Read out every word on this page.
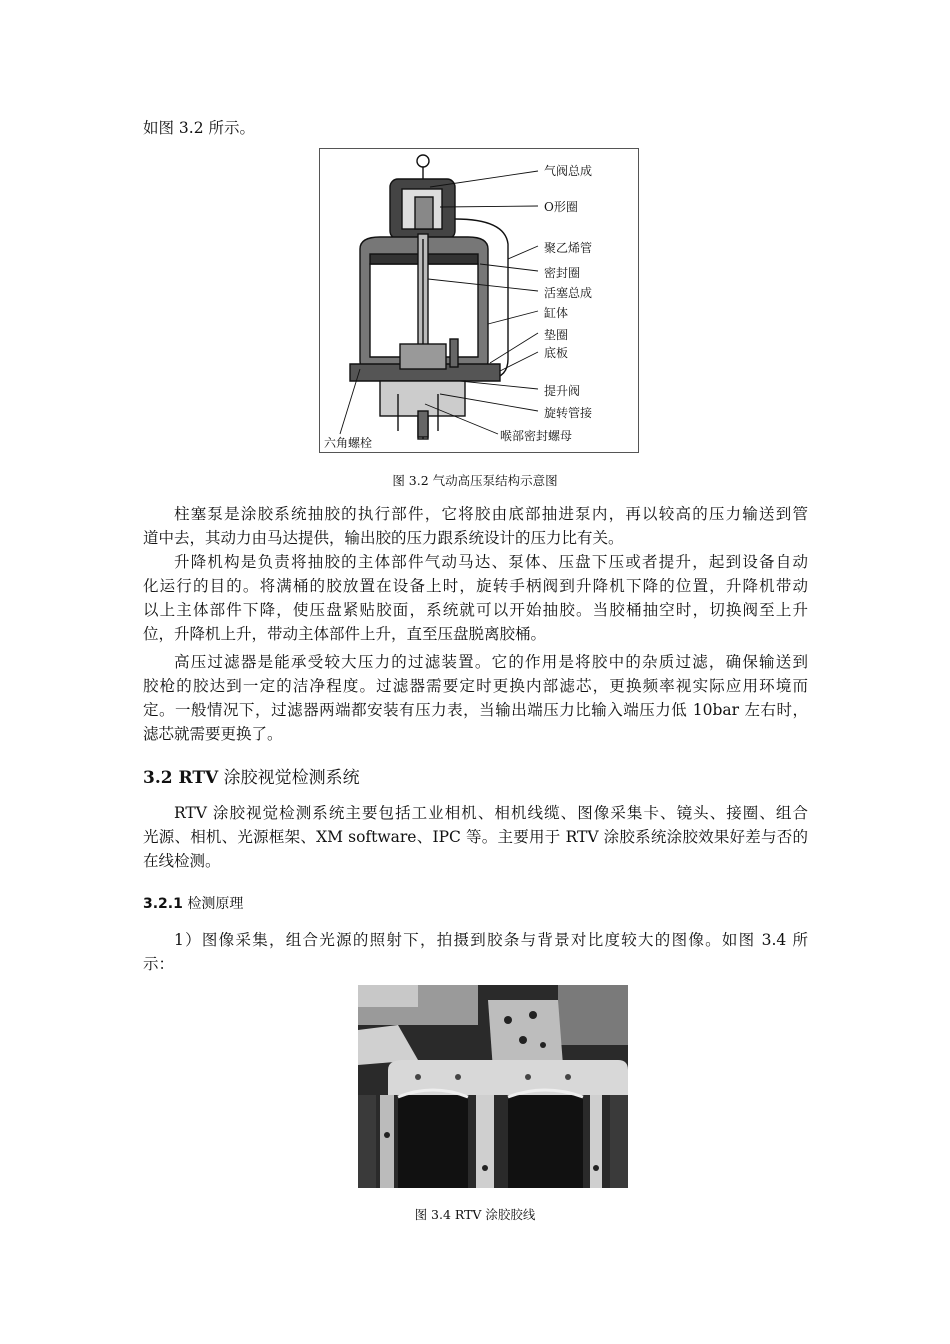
如图 3.2 所示。
气阀总成
O形圈
聚乙烯管
密封圈
活塞总成
缸体
垫圈
底板
提升阀
旋转管接
喉部密封螺母
六角螺栓
图 3.2 气动高压泵结构示意图
柱塞泵是涂胶系统抽胶的执行部件，它将胶由底部抽进泵内，再以较高的压力输送到管
道中去，其动力由马达提供，输出胶的压力跟系统设计的压力比有关。
升降机构是负责将抽胶的主体部件气动马达、泵体、压盘下压或者提升，起到设备自动
化运行的目的。将满桶的胶放置在设备上时，旋转手柄阀到升降机下降的位置，升降机带动
以上主体部件下降，使压盘紧贴胶面，系统就可以开始抽胶。当胶桶抽空时，切换阀至上升
位，升降机上升，带动主体部件上升，直至压盘脱离胶桶。
高压过滤器是能承受较大压力的过滤装置。它的作用是将胶中的杂质过滤，确保输送到
胶枪的胶达到一定的洁净程度。过滤器需要定时更换内部滤芯，更换频率视实际应用环境而
定。一般情况下，过滤器两端都安装有压力表，当输出端压力比输入端压力低 10bar 左右时，
滤芯就需要更换了。
3.2 RTV 涂胶视觉检测系统
RTV 涂胶视觉检测系统主要包括工业相机、相机线缆、图像采集卡、镜头、接圈、组合
光源、相机、光源框架、XM software、IPC 等。主要用于 RTV 涂胶系统涂胶效果好差与否的
在线检测。
3.2.1 检测原理
1）图像采集，组合光源的照射下，拍摄到胶条与背景对比度较大的图像。如图 3.4 所
示：
图 3.4 RTV 涂胶胶线
